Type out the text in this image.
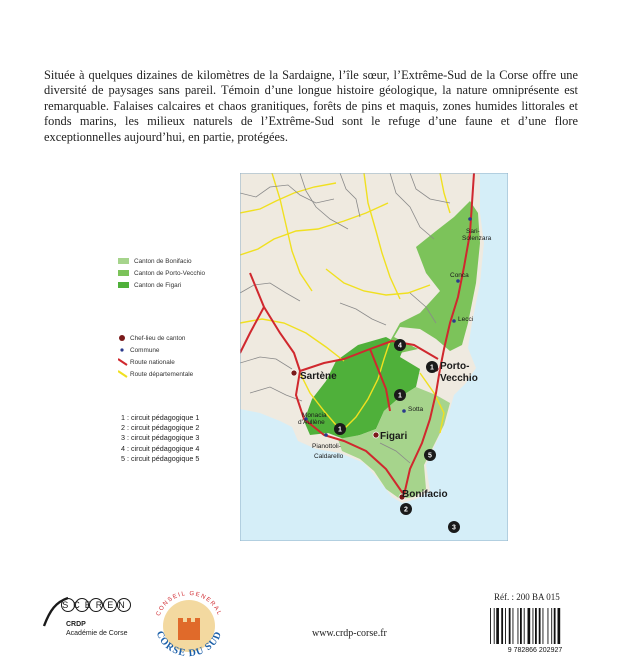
Située à quelques dizaines de kilomètres de la Sardaigne, l’île sœur, l’Extrême-Sud de la Corse offre une diversité de paysages sans pareil. Témoin d’une longue histoire géologique, la nature omniprésente est remarquable. Falaises calcaires et chaos granitiques, forêts de pins et maquis, zones humides littorales et fonds marins, les milieux naturels de l’Extrême-Sud sont le refuge d’une faune et d’une flore exceptionnelles aujourd’hui, en partie, protégées.

Sari-
Solenzara
Conca
Lecci
Porto-
Vecchio
Sartène
Sotta
Figari
Monacia
d’Aullène
Pianottoli-
Caldarello
Bonifacio
1
1
1
2
3
4
5
Canton de Bonifacio
Canton de Porto-Vecchio
Canton de Figari
Chef-lieu de canton
Commune
Route nationale
Route départementale
1 : circuit pédagogique 1
2 : circuit pédagogique 2
3 : circuit pédagogique 3
4 : circuit pédagogique 4
5 : circuit pédagogique 5
SCEREN
CRDP
Académie de Corse
CONSEIL GENERAL
CORSE DU SUD	www.crdp-corse.fr
Réf. : 200 BA 015
9 782866 202927
